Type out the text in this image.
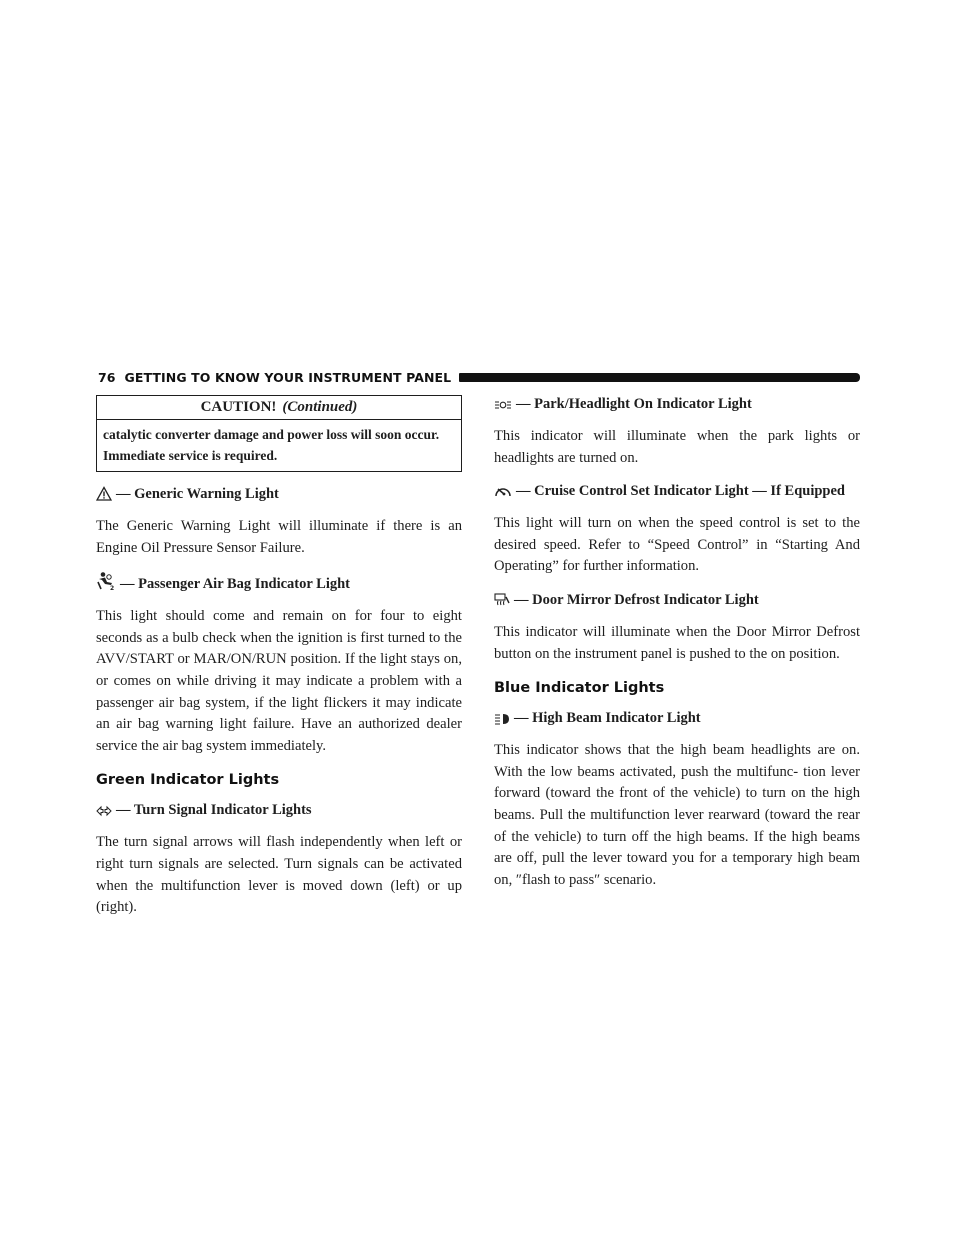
76 GETTING TO KNOW YOUR INSTRUMENT PANEL
CAUTION! (Continued)
catalytic converter damage and power loss will soon occur. Immediate service is required.
— Generic Warning Light

The Generic Warning Light will illuminate if there is an Engine Oil Pressure Sensor Failure.

2 — Passenger Air Bag Indicator Light

This light should come and remain on for four to eight seconds as a bulb check when the ignition is first turned to the AVV/START or MAR/ON/RUN position. If the light stays on, or comes on while driving it may indicate a problem with a passenger air bag system, if the light flickers it may indicate an air bag warning light failure. Have an authorized dealer service the air bag system immediately.

Green Indicator Lights
— Turn Signal Indicator Lights

The turn signal arrows will flash independently when left or right turn signals are selected. Turn signals can be activated when the multifunction lever is moved down (left) or up (right).

— Park/Headlight On Indicator Light

This indicator will illuminate when the park lights or headlights are turned on.

— Cruise Control Set Indicator Light — If Equipped

This light will turn on when the speed control is set to the desired speed. Refer to “Speed Control” in “Starting And Operating” for further information.

— Door Mirror Defrost Indicator Light

This indicator will illuminate when the Door Mirror Defrost button on the instrument panel is pushed to the on position.

Blue Indicator Lights
— High Beam Indicator Light

This indicator shows that the high beam headlights are on. With the low beams activated, push the multifunc- tion lever forward (toward the front of the vehicle) to turn on the high beams. Pull the multifunction lever rearward (toward the rear of the vehicle) to turn off the high beams. If the high beams are off, pull the lever toward you for a temporary high beam on, ″flash to pass″ scenario.
